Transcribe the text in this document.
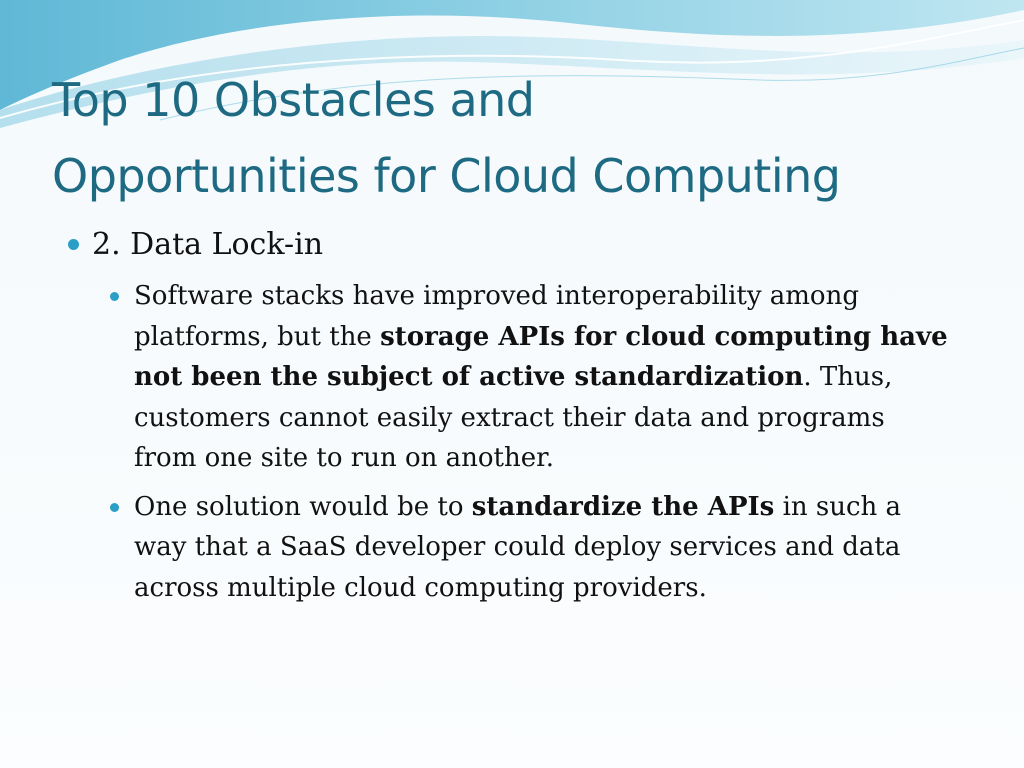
Top 10 Obstacles and
Opportunities for Cloud Computing
2. Data Lock-in
Software stacks have improved interoperability among platforms, but the storage APIs for cloud computing have not been the subject of active standardization. Thus, customers cannot easily extract their data and programs from one site to run on another.
One solution would be to standardize the APIs in such a way that a SaaS developer could deploy services and data across multiple cloud computing providers.
